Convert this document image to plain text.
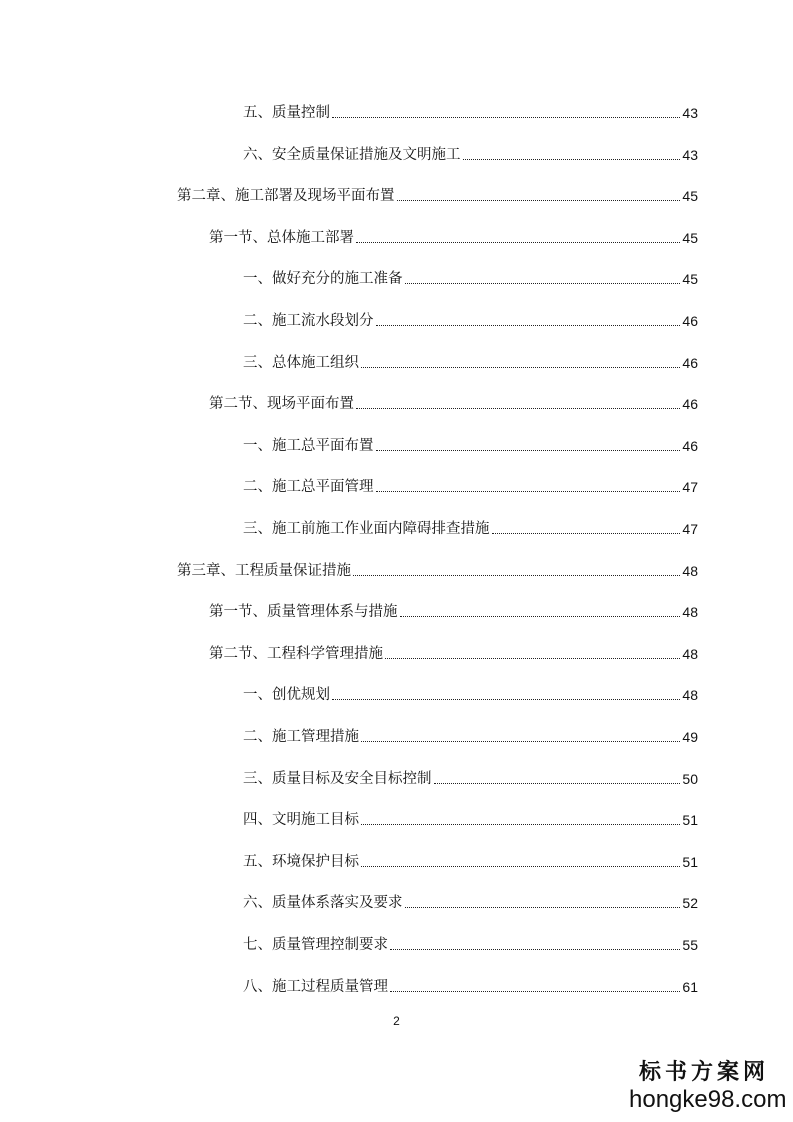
五、质量控制	43
六、安全质量保证措施及文明施工	43
第二章、施工部署及现场平面布置	45
第一节、总体施工部署	45
一、做好充分的施工准备	45
二、施工流水段划分	46
三、总体施工组织	46
第二节、现场平面布置	46
一、施工总平面布置	46
二、施工总平面管理	47
三、施工前施工作业面内障碍排查措施	47
第三章、工程质量保证措施	48
第一节、质量管理体系与措施	48
第二节、工程科学管理措施	48
一、创优规划	48
二、施工管理措施	49
三、质量目标及安全目标控制	50
四、文明施工目标	51
五、环境保护目标	51
六、质量体系落实及要求	52
七、质量管理控制要求	55
八、施工过程质量管理	61
2
标书方案网
hongke98.com
